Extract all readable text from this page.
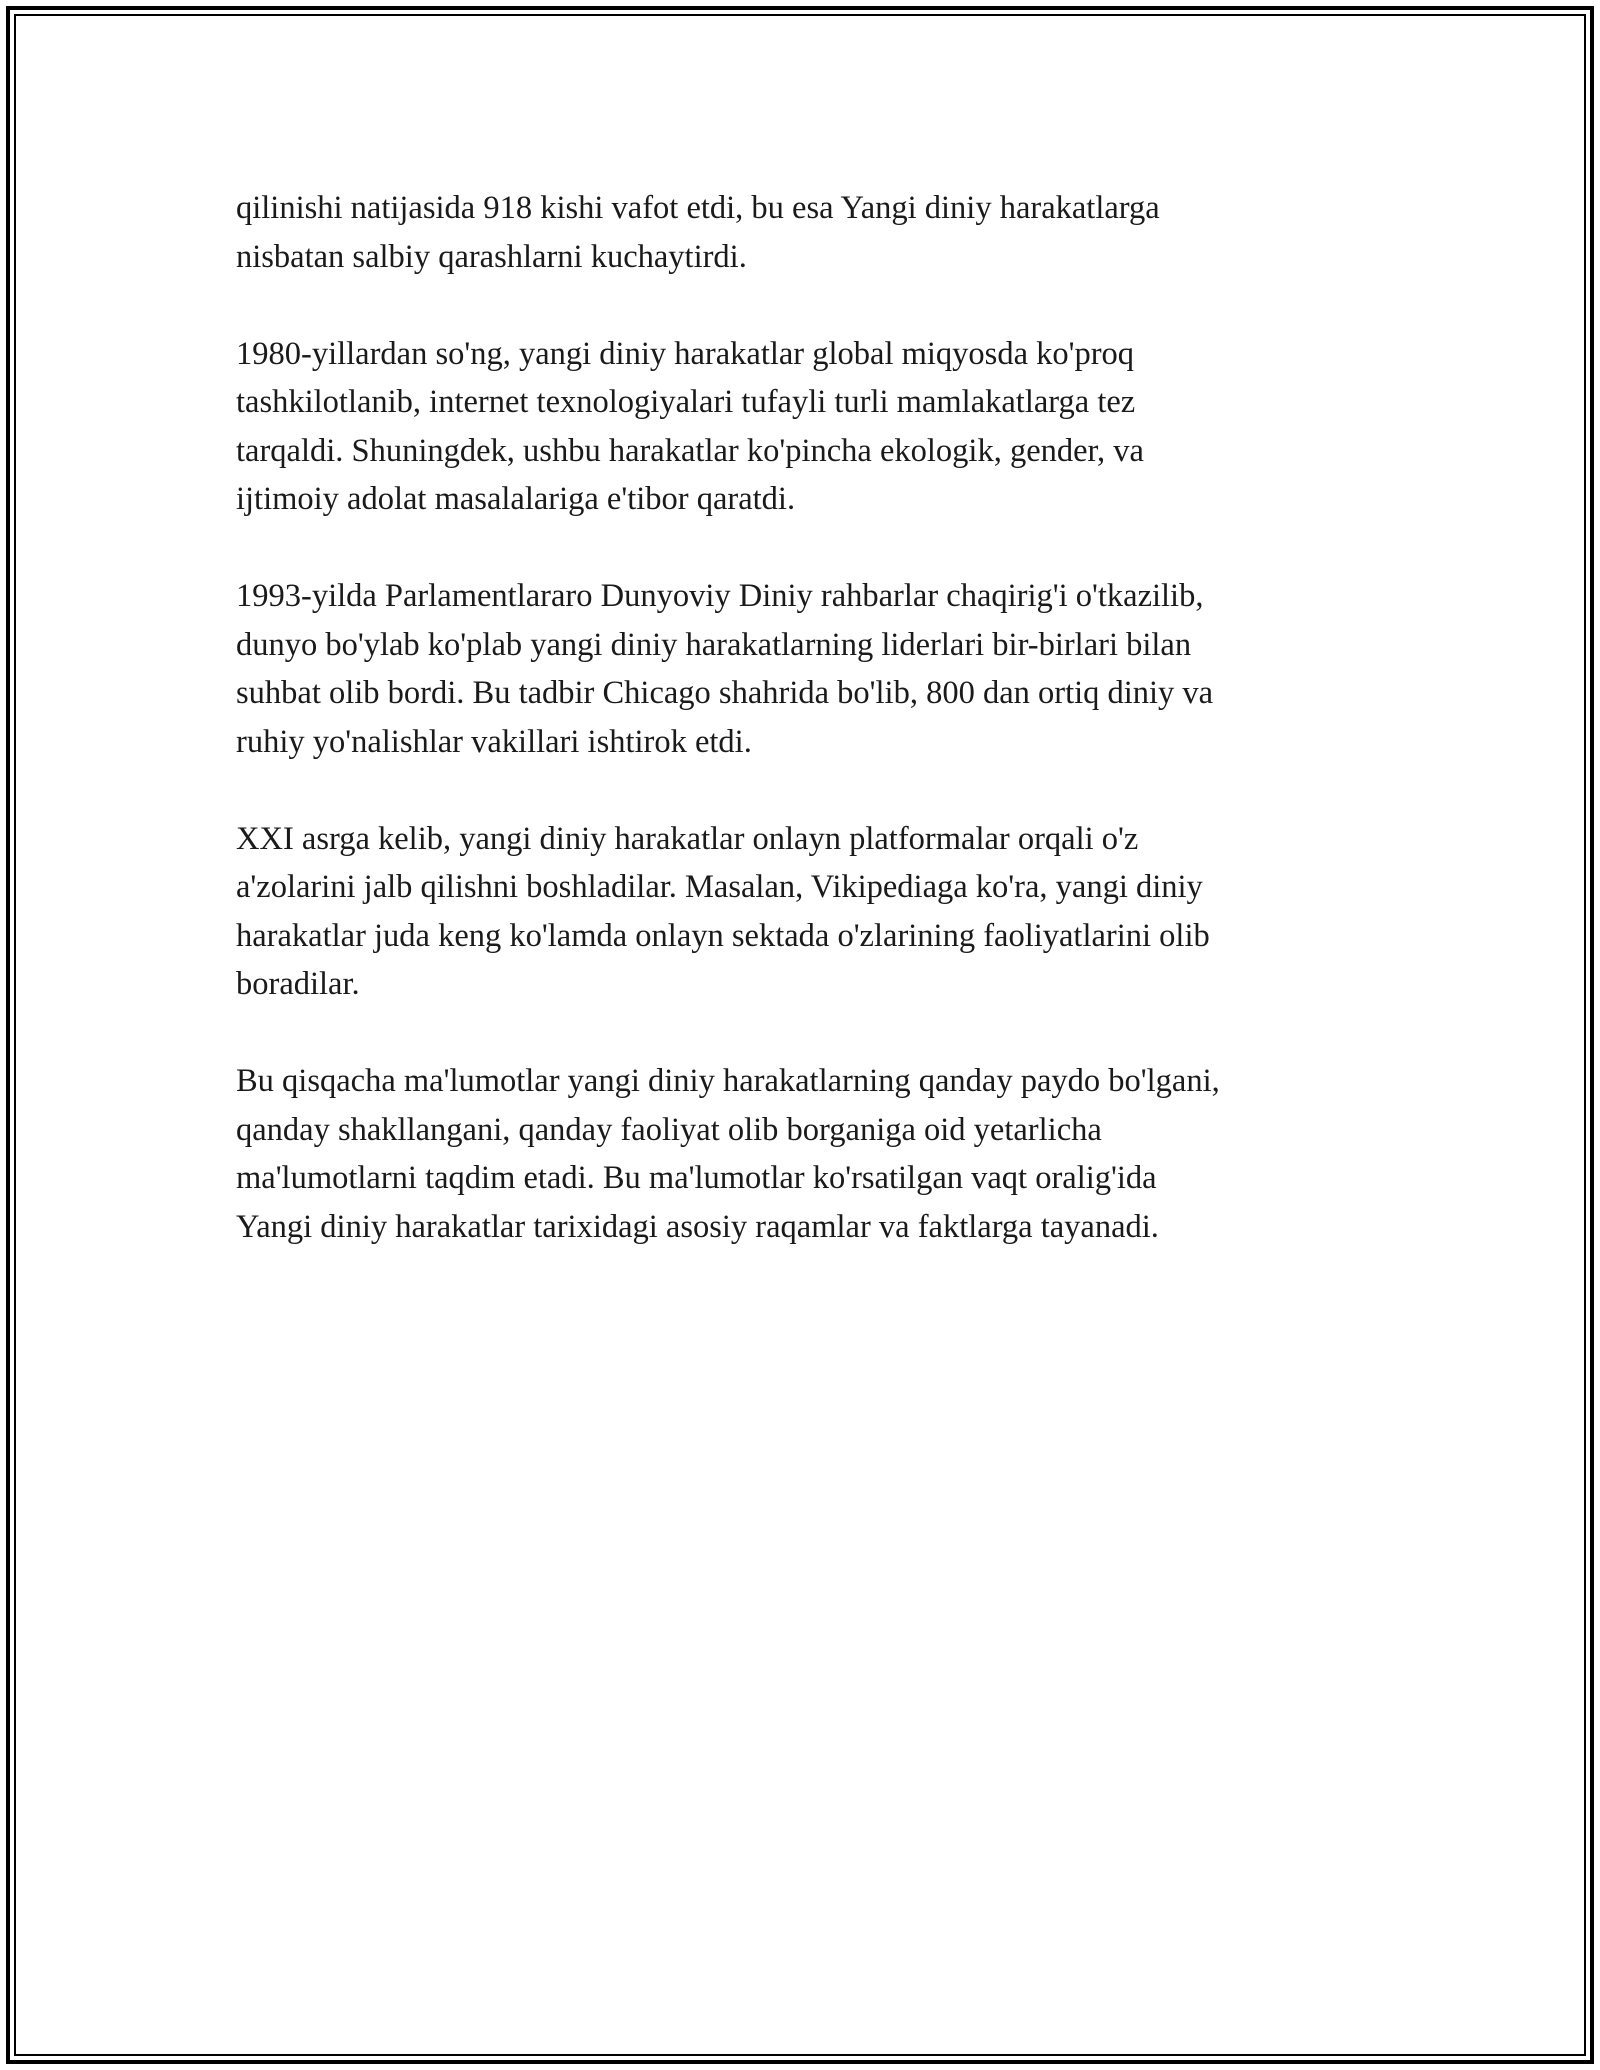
qilinishi natijasida 918 kishi vafot etdi, bu esa Yangi diniy harakatlarga
nisbatan salbiy qarashlarni kuchaytirdi.

1980-yillardan so'ng, yangi diniy harakatlar global miqyosda ko'proq
tashkilotlanib, internet texnologiyalari tufayli turli mamlakatlarga tez
tarqaldi. Shuningdek, ushbu harakatlar ko'pincha ekologik, gender, va
ijtimoiy adolat masalalariga e'tibor qaratdi.

1993-yilda Parlamentlararo Dunyoviy Diniy rahbarlar chaqirig'i o'tkazilib,
dunyo bo'ylab ko'plab yangi diniy harakatlarning liderlari bir-birlari bilan
suhbat olib bordi. Bu tadbir Chicago shahrida bo'lib, 800 dan ortiq diniy va
ruhiy yo'nalishlar vakillari ishtirok etdi.

XXI asrga kelib, yangi diniy harakatlar onlayn platformalar orqali o'z
a'zolarini jalb qilishni boshladilar. Masalan, Vikipediaga ko'ra, yangi diniy
harakatlar juda keng ko'lamda onlayn sektada o'zlarining faoliyatlarini olib
boradilar.

Bu qisqacha ma'lumotlar yangi diniy harakatlarning qanday paydo bo'lgani,
qanday shakllangani, qanday faoliyat olib borganiga oid yetarlicha
ma'lumotlarni taqdim etadi. Bu ma'lumotlar ko'rsatilgan vaqt oralig'ida
Yangi diniy harakatlar tarixidagi asosiy raqamlar va faktlarga tayanadi.
